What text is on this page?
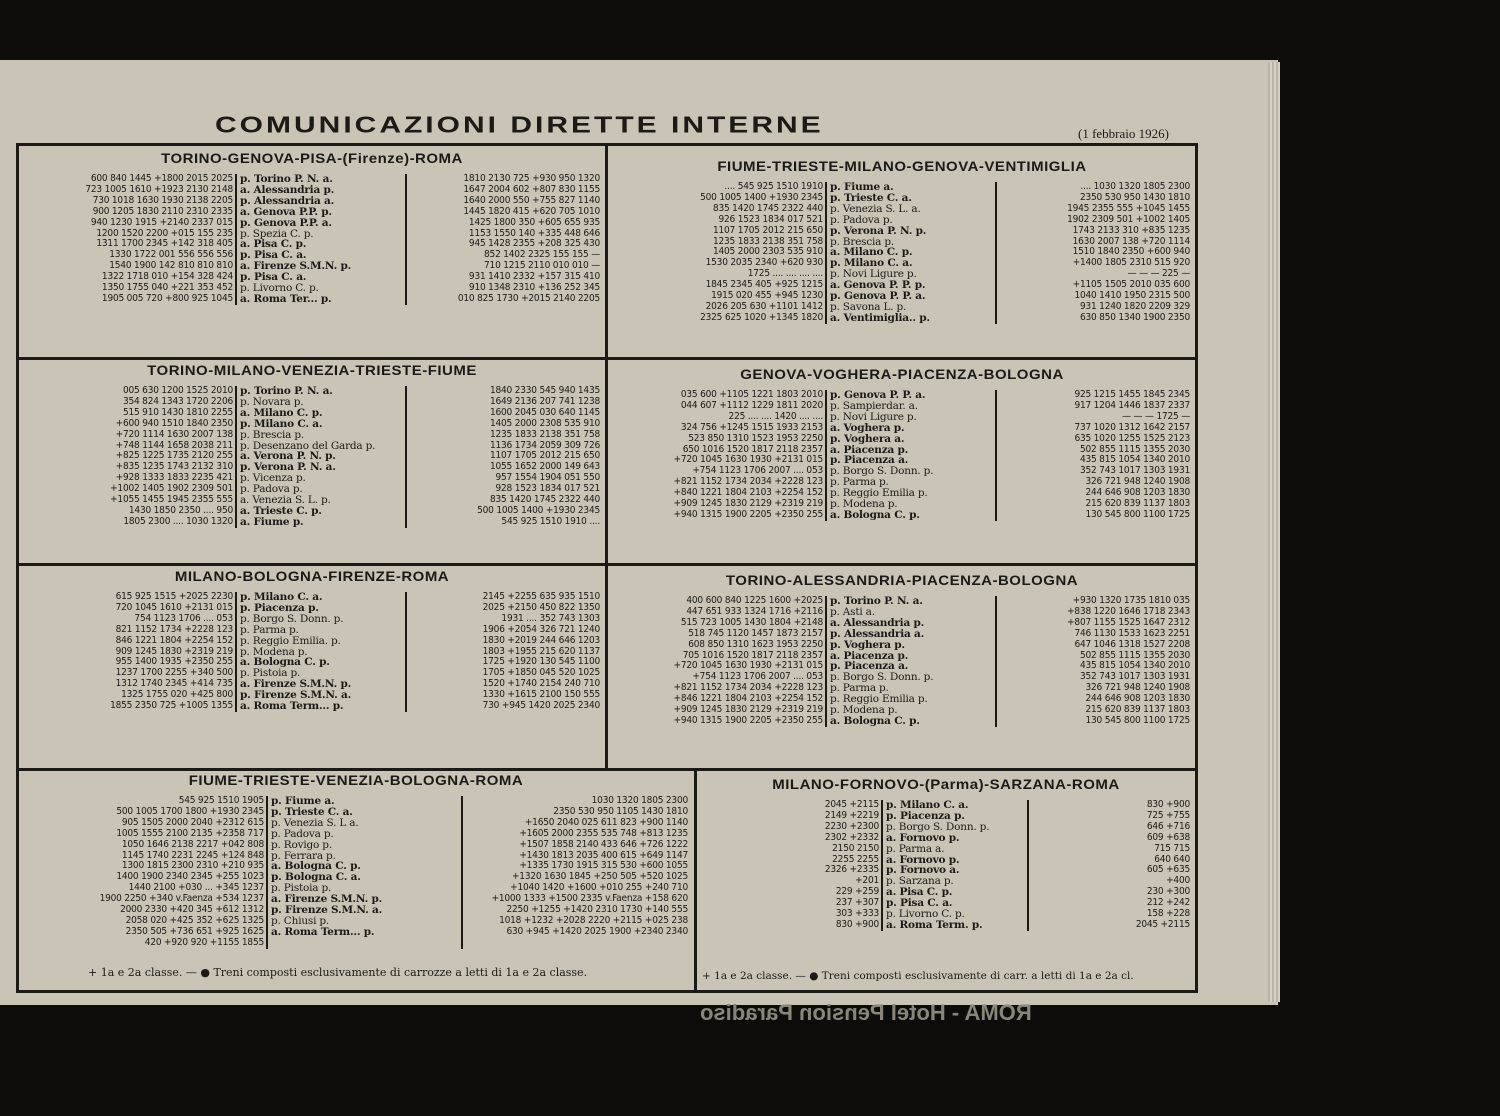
COMUNICAZIONI DIRETTE INTERNE	(1 febbraio 1926)
TORINO-GENOVA-PISA-(Firenze)-ROMA
600 840 1445 +1800 2015 2025	p. Torino P. N. a.	1810 2130 725 +930 950 1320
723 1005 1610 +1923 2130 2148	a. Alessandria p.	1647 2004 602 +807 830 1155
730 1018 1630 1930 2138 2205	p. Alessandria a.	1640 2000 550 +755 827 1140
900 1205 1830 2110 2310 2335	a. Genova P.P. p.	1445 1820 415 +620 705 1010
940 1230 1915 +2140 2337 015	p. Genova P.P. a.	1425 1800 350 +605 655 935
1200 1520 2200 +015 155 235	p. Spezia C. p.	1153 1550 140 +335 448 646
1311 1700 2345 +142 318 405	a. Pisa C. p.	945 1428 2355 +208 325 430
1330 1722 001 556 556 556	p. Pisa C. a.	852 1402 2325 155 155 —
1540 1900 142 810 810 810	a. Firenze S.M.N. p.	710 1215 2110 010 010 —
1322 1718 010 +154 328 424	p. Pisa C. a.	931 1410 2332 +157 315 410
1350 1755 040 +221 353 452	p. Livorno C. p.	910 1348 2310 +136 252 345
1905 005 720 +800 925 1045	a. Roma Ter... p.	010 825 1730 +2015 2140 2205
FIUME-TRIESTE-MILANO-GENOVA-VENTIMIGLIA
.... 545 925 1510 1910	p. Fiume a.	.... 1030 1320 1805 2300
500 1005 1400 +1930 2345	p. Trieste C. a.	2350 530 950 1430 1810
835 1420 1745 2322 440	p. Venezia S. L. a.	1945 2355 555 +1045 1455
926 1523 1834 017 521	p. Padova p.	1902 2309 501 +1002 1405
1107 1705 2012 215 650	p. Verona P. N. p.	1743 2133 310 +835 1235
1235 1833 2138 351 758	p. Brescia p.	1630 2007 138 +720 1114
1405 2000 2303 535 910	a. Milano C. p.	1510 1840 2350 +600 940
1530 2035 2340 +620 930	p. Milano C. a.	+1400 1805 2310 515 920
1725 .... .... .... ....	p. Novi Ligure p.	— — — 225 —
1845 2345 405 +925 1215	a. Genova P. P. p.	+1105 1505 2010 035 600
1915 020 455 +945 1230	p. Genova P. P. a.	1040 1410 1950 2315 500
2026 205 630 +1101 1412	p. Savona L. p.	931 1240 1820 2209 329
2325 625 1020 +1345 1820	a. Ventimiglia.. p.	630 850 1340 1900 2350
TORINO-MILANO-VENEZIA-TRIESTE-FIUME
005 630 1200 1525 2010	p. Torino P. N. a.	1840 2330 545 940 1435
354 824 1343 1720 2206	p. Novara p.	1649 2136 207 741 1238
515 910 1430 1810 2255	a. Milano C. p.	1600 2045 030 640 1145
+600 940 1510 1840 2350	p. Milano C. a.	1405 2000 2308 535 910
+720 1114 1630 2007 138	p. Brescia p.	1235 1833 2138 351 758
+748 1144 1658 2038 211	p. Desenzano del Garda p.	1136 1734 2059 309 726
+825 1225 1735 2120 255	a. Verona P. N. p.	1107 1705 2012 215 650
+835 1235 1743 2132 310	p. Verona P. N. a.	1055 1652 2000 149 643
+928 1333 1833 2235 421	p. Vicenza p.	957 1554 1904 051 550
+1002 1405 1902 2309 501	p. Padova p.	928 1523 1834 017 521
+1055 1455 1945 2355 555	a. Venezia S. L. p.	835 1420 1745 2322 440
1430 1850 2350 .... 950	a. Trieste C. p.	500 1005 1400 +1930 2345
1805 2300 .... 1030 1320	a. Fiume p.	545 925 1510 1910 ....
GENOVA-VOGHERA-PIACENZA-BOLOGNA
035 600 +1105 1221 1803 2010	p. Genova P. P. a.	925 1215 1455 1845 2345
044 607 +1112 1229 1811 2020	p. Sampierdar. a.	917 1204 1446 1837 2337
225 .... .... 1420 .... ....	p. Novi Ligure p.	— — — 1725 —
324 756 +1245 1515 1933 2153	a. Voghera p.	737 1020 1312 1642 2157
523 850 1310 1523 1953 2250	p. Voghera a.	635 1020 1255 1525 2123
650 1016 1520 1817 2118 2357	a. Piacenza p.	502 855 1115 1355 2030
+720 1045 1630 1930 +2131 015	p. Piacenza a.	435 815 1054 1340 2010
+754 1123 1706 2007 .... 053	p. Borgo S. Donn. p.	352 743 1017 1303 1931
+821 1152 1734 2034 +2228 123	p. Parma p.	326 721 948 1240 1908
+840 1221 1804 2103 +2254 152	p. Reggio Emilia p.	244 646 908 1203 1830
+909 1245 1830 2129 +2319 219	p. Modena p.	215 620 839 1137 1803
+940 1315 1900 2205 +2350 255	a. Bologna C. p.	130 545 800 1100 1725
MILANO-BOLOGNA-FIRENZE-ROMA
615 925 1515 +2025 2230	p. Milano C. a.	2145 +2255 635 935 1510
720 1045 1610 +2131 015	p. Piacenza p.	2025 +2150 450 822 1350
754 1123 1706 .... 053	p. Borgo S. Donn. p.	1931 .... 352 743 1303
821 1152 1734 +2228 123	p. Parma p.	1906 +2054 326 721 1240
846 1221 1804 +2254 152	p. Reggio Emilia. p.	1830 +2019 244 646 1203
909 1245 1830 +2319 219	p. Modena p.	1803 +1955 215 620 1137
955 1400 1935 +2350 255	a. Bologna C. p.	1725 +1920 130 545 1100
1237 1700 2255 +340 500	p. Pistoia p.	1705 +1850 045 520 1025
1312 1740 2345 +414 735	a. Firenze S.M.N. p.	1520 +1740 2154 240 710
1325 1755 020 +425 800	p. Firenze S.M.N. a.	1330 +1615 2100 150 555
1855 2350 725 +1005 1355	a. Roma Term... p.	730 +945 1420 2025 2340
TORINO-ALESSANDRIA-PIACENZA-BOLOGNA
400 600 840 1225 1600 +2025	p. Torino P. N. a.	+930 1320 1735 1810 035
447 651 933 1324 1716 +2116	p. Asti a.	+838 1220 1646 1718 2343
515 723 1005 1430 1804 +2148	a. Alessandria p.	+807 1155 1525 1647 2312
518 745 1120 1457 1873 2157	p. Alessandria a.	746 1130 1533 1623 2251
608 850 1310 1623 1953 2250	p. Voghera p.	647 1046 1318 1527 2208
705 1016 1520 1817 2118 2357	a. Piacenza p.	502 855 1115 1355 2030
+720 1045 1630 1930 +2131 015	p. Piacenza a.	435 815 1054 1340 2010
+754 1123 1706 2007 .... 053	p. Borgo S. Donn. p.	352 743 1017 1303 1931
+821 1152 1734 2034 +2228 123	p. Parma p.	326 721 948 1240 1908
+846 1221 1804 2103 +2254 152	p. Reggio Emilia p.	244 646 908 1203 1830
+909 1245 1830 2129 +2319 219	p. Modena p.	215 620 839 1137 1803
+940 1315 1900 2205 +2350 255	a. Bologna C. p.	130 545 800 1100 1725
FIUME-TRIESTE-VENEZIA-BOLOGNA-ROMA
545 925 1510 1905	p. Fiume a.	1030 1320 1805 2300
500 1005 1700 1800 +1930 2345	p. Trieste C. a.	2350 530 950 1105 1430 1810
905 1505 2000 2040 +2312 615	p. Venezia S. L a.	+1650 2040 025 611 823 +900 1140
1005 1555 2100 2135 +2358 717	p. Padova p.	+1605 2000 2355 535 748 +813 1235
1050 1646 2138 2217 +042 808	p. Rovigo p.	+1507 1858 2140 433 646 +726 1222
1145 1740 2231 2245 +124 848	p. Ferrara p.	+1430 1813 2035 400 615 +649 1147
1300 1815 2300 2310 +210 935	a. Bologna C. p.	+1335 1730 1915 315 530 +600 1055
1400 1900 2340 2345 +255 1023	p. Bologna C. a.	+1320 1630 1845 +250 505 +520 1025
1440 2100 +030 ... +345 1237	p. Pistoia p.	+1040 1420 +1600 +010 255 +240 710
1900 2250 +340 v.Faenza +534 1237	a. Firenze S.M.N. p.	+1000 1333 +1500 2335 v.Faenza +158 620
2000 2330 +420 345 +612 1312	p. Firenze S.M.N. a.	2250 +1255 +1420 2310 1730 +140 555
2058 020 +425 352 +625 1325	p. Chiusi p.	1018 +1232 +2028 2220 +2115 +025 238
2350 505 +736 651 +925 1625	a. Roma Term... p.	630 +945 +1420 2025 1900 +2340 2340
420 +920 920 +1155 1855		
MILANO-FORNOVO-(Parma)-SARZANA-ROMA
2045 +2115	p. Milano C. a.	830 +900
2149 +2219	p. Piacenza p.	725 +755
2230 +2300	p. Borgo S. Donn. p.	646 +716
2302 +2332	a. Fornovo p.	609 +638
2150 2150	p. Parma a.	715 715
2255 2255	a. Fornovo p.	640 640
2326 +2335	p. Fornovo a.	605 +635
+201	p. Sarzana p.	+400
229 +259	a. Pisa C. p.	230 +300
237 +307	p. Pisa C. a.	212 +242
303 +333	p. Livorno C. p.	158 +228
830 +900	a. Roma Term. p.	2045 +2115
+ 1a e 2a classe. — ● Treni composti esclusivamente di carrozze a letti di 1a e 2a classe.	+ 1a e 2a classe. — ● Treni composti esclusivamente di carr. a letti di 1a e 2a cl.
ROMA - Hotel Pension Paradiso
